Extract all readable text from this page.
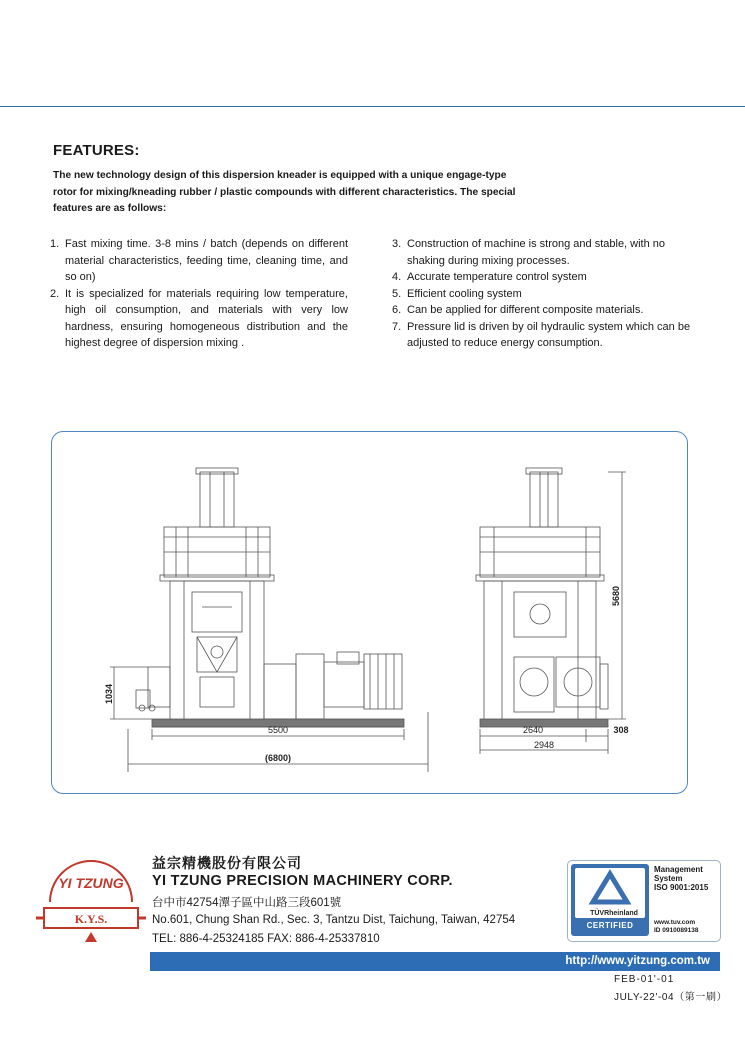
FEATURES:
The new technology design of this dispersion kneader is equipped with a unique engage-type rotor for mixing/kneading rubber / plastic compounds with different characteristics. The special features are as follows:
1. Fast mixing time. 3-8 mins / batch (depends on different material characteristics, feeding time, cleaning time, and so on)
2. It is specialized for materials requiring low temperature, high oil consumption, and materials with very low hardness, ensuring homogeneous distribution and the highest degree of dispersion mixing .
3. Construction of machine is strong and stable, with no shaking during mixing processes.
4. Accurate temperature control system
5. Efficient cooling system
6. Can be applied for different composite materials.
7. Pressure lid is driven by oil hydraulic system which can be adjusted to reduce energy consumption.
5500
(6800)
1034
5680
2640	308
2948
YI TZUNG
K.Y.S.
益宗精機股份有限公司
YI TZUNG PRECISION MACHINERY CORP.
台中市42754潭子區中山路三段601號
No.601, Chung Shan Rd., Sec. 3, Tantzu Dist, Taichung, Taiwan, 42754
TEL: 886-4-25324185 FAX: 886-4-25337810
TÜVRheinland
CERTIFIED
Management
System
ISO 9001:2015
www.tuv.com
ID 0910089138
http://www.yitzung.com.tw
FEB-01'-01
JULY-22'-04（第一刷）
